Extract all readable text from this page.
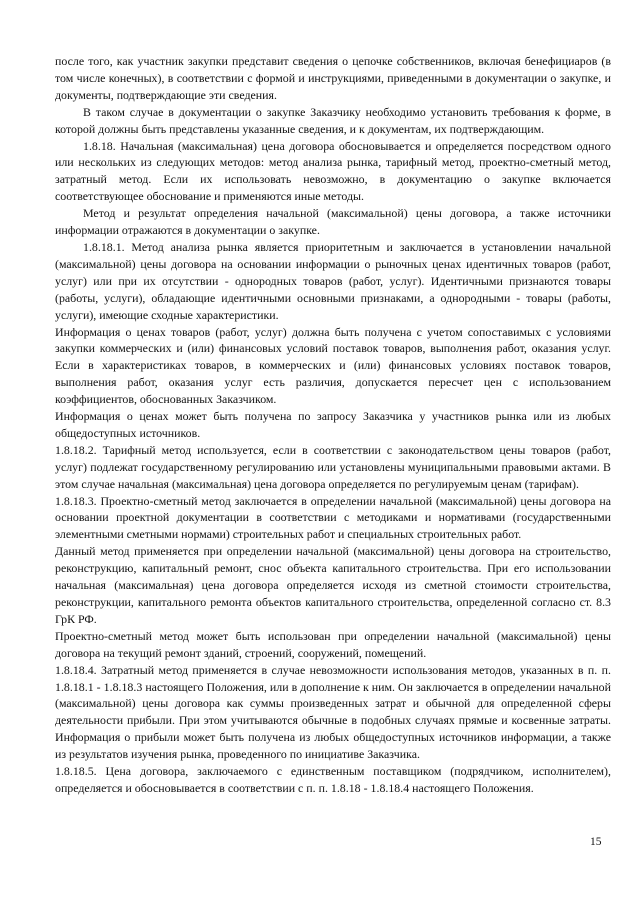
после того, как участник закупки представит сведения о цепочке собственников, включая бенефициаров (в том числе конечных), в соответствии с формой и инструкциями, приведенными в документации о закупке, и документы, подтверждающие эти сведения.

В таком случае в документации о закупке Заказчику необходимо установить требования к форме, в которой должны быть представлены указанные сведения, и к документам, их подтверждающим.

1.8.18. Начальная (максимальная) цена договора обосновывается и определяется посредством одного или нескольких из следующих методов: метод анализа рынка, тарифный метод, проектно-сметный метод, затратный метод. Если их использовать невозможно, в документацию о закупке включается соответствующее обоснование и применяются иные методы.

Метод и результат определения начальной (максимальной) цены договора, а также источники информации отражаются в документации о закупке.

1.8.18.1. Метод анализа рынка является приоритетным и заключается в установлении начальной (максимальной) цены договора на основании информации о рыночных ценах идентичных товаров (работ, услуг) или при их отсутствии - однородных товаров (работ, услуг). Идентичными признаются товары (работы, услуги), обладающие идентичными основными признаками, а однородными - товары (работы, услуги), имеющие сходные характеристики.

Информация о ценах товаров (работ, услуг) должна быть получена с учетом сопоставимых с условиями закупки коммерческих и (или) финансовых условий поставок товаров, выполнения работ, оказания услуг. Если в характеристиках товаров, в коммерческих и (или) финансовых условиях поставок товаров, выполнения работ, оказания услуг есть различия, допускается пересчет цен с использованием коэффициентов, обоснованных Заказчиком.

Информация о ценах может быть получена по запросу Заказчика у участников рынка или из любых общедоступных источников.

1.8.18.2. Тарифный метод используется, если в соответствии с законодательством цены товаров (работ, услуг) подлежат государственному регулированию или установлены муниципальными правовыми актами. В этом случае начальная (максимальная) цена договора определяется по регулируемым ценам (тарифам).

1.8.18.3. Проектно-сметный метод заключается в определении начальной (максимальной) цены договора на основании проектной документации в соответствии с методиками и нормативами (государственными элементными сметными нормами) строительных работ и специальных строительных работ.

Данный метод применяется при определении начальной (максимальной) цены договора на строительство, реконструкцию, капитальный ремонт, снос объекта капитального строительства. При его использовании начальная (максимальная) цена договора определяется исходя из сметной стоимости строительства, реконструкции, капитального ремонта объектов капитального строительства, определенной согласно ст. 8.3 ГрК РФ.

Проектно-сметный метод может быть использован при определении начальной (максимальной) цены договора на текущий ремонт зданий, строений, сооружений, помещений.

1.8.18.4. Затратный метод применяется в случае невозможности использования методов, указанных в п. п. 1.8.18.1 - 1.8.18.3 настоящего Положения, или в дополнение к ним. Он заключается в определении начальной (максимальной) цены договора как суммы произведенных затрат и обычной для определенной сферы деятельности прибыли. При этом учитываются обычные в подобных случаях прямые и косвенные затраты. Информация о прибыли может быть получена из любых общедоступных источников информации, а также из результатов изучения рынка, проведенного по инициативе Заказчика.

1.8.18.5. Цена договора, заключаемого с единственным поставщиком (подрядчиком, исполнителем), определяется и обосновывается в соответствии с п. п. 1.8.18 - 1.8.18.4 настоящего Положения.

15
